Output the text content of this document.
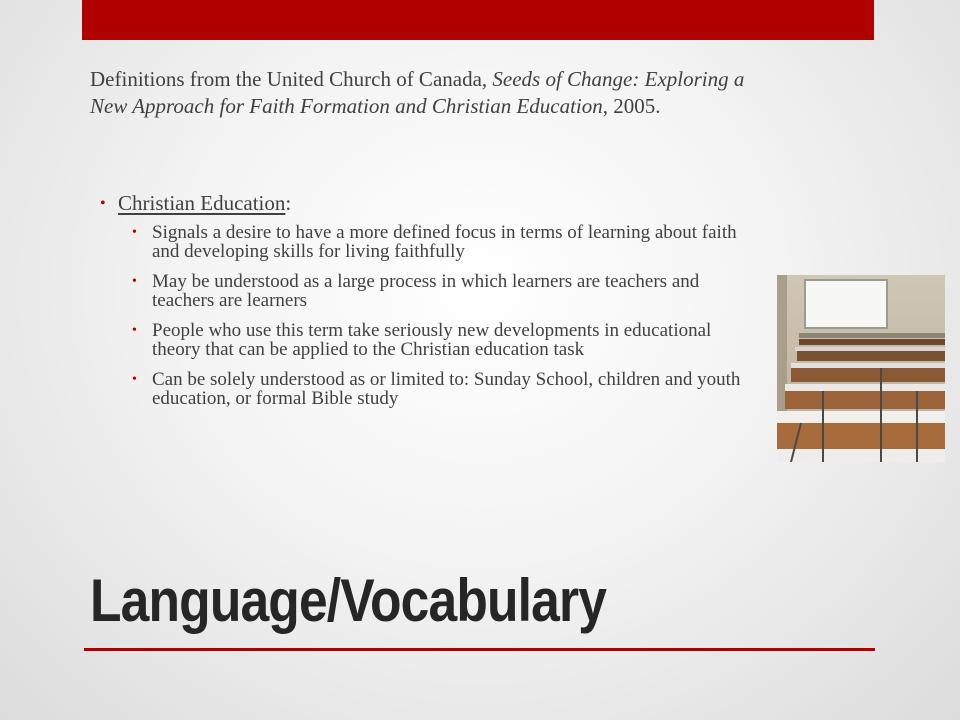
Definitions from the United Church of Canada, Seeds of Change: Exploring a New Approach for Faith Formation and Christian Education, 2005.

• Christian Education:
• Signals a desire to have a more defined focus in terms of learning about faith and developing skills for living faithfully
• May be understood as a large process in which learners are teachers and teachers are learners
• People who use this term take seriously new developments in educational theory that can be applied to the Christian education task
• Can be solely understood as or limited to: Sunday School, children and youth education, or formal Bible study
Language/Vocabulary
